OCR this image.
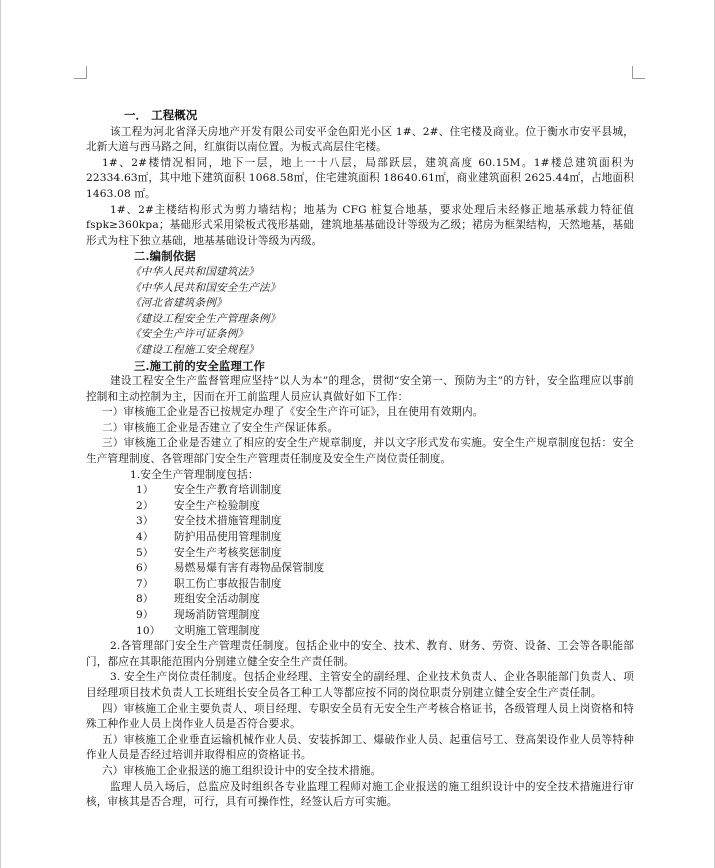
一． 工程概况

该工程为河北省泽天房地产开发有限公司安平金色阳光小区 1#、2#、住宅楼及商业。位于衡水市安平县城，北新大道与西马路之间，红旗街以南位置。为板式高层住宅楼。

1#、2#楼情况相同，地下一层，地上一十八层，局部跃层，建筑高度 60.15M。1#楼总建筑面积为 22334.63㎡，其中地下建筑面积 1068.58㎡，住宅建筑面积 18640.61㎡，商业建筑面积 2625.44㎡，占地面积 1463.08 ㎡。

1#、2#主楼结构形式为剪力墙结构；地基为 CFG 桩复合地基，要求处理后未经修正地基承载力特征值 fspk≥360kpa；基础形式采用梁板式筏形基础，建筑地基基础设计等级为乙级；裙房为框架结构，天然地基，基础形式为柱下独立基础，地基基础设计等级为丙级。

二.编制依据

《中华人民共和国建筑法》

《中华人民共和国安全生产法》

《河北省建筑条例》

《建设工程安全生产管理条例》

《安全生产许可证条例》

《建设工程施工安全规程》

三.施工前的安全监理工作

建设工程安全生产监督管理应坚持“以人为本”的理念，贯彻“安全第一、预防为主”的方针，安全监理应以事前控制和主动控制为主，因而在开工前监理人员应认真做好如下工作：

一）审核施工企业是否已按规定办理了《安全生产许可证》，且在使用有效期内。

二）审核施工企业是否建立了安全生产保证体系。

三）审核施工企业是否建立了相应的安全生产规章制度，并以文字形式发布实施。安全生产规章制度包括：安全生产管理制度、各管理部门安全生产管理责任制度及安全生产岗位责任制度。

1.安全生产管理制度包括：

1）	安全生产教育培训制度
2）	安全生产检验制度
3）	安全技术措施管理制度
4）	防护用品使用管理制度
5）	安全生产考核奖惩制度
6）	易燃易爆有害有毒物品保管制度
7）	职工伤亡事故报告制度
8）	班组安全活动制度
9）	现场消防管理制度
10）	文明施工管理制度

2.各管理部门安全生产管理责任制度。包括企业中的安全、技术、教育、财务、劳资、设备、工会等各职能部门，都应在其职能范围内分别建立健全安全生产责任制。

3. 安全生产岗位责任制度。包括企业经理、主管安全的副经理、企业技术负责人、企业各职能部门负责人、项目经理项目技术负责人工长班组长安全员各工种工人等都应按不同的岗位职责分别建立健全安全生产责任制。

四）审核施工企业主要负责人、项目经理、专职安全员有无安全生产考核合格证书，各级管理人员上岗资格和特殊工种作业人员上岗作业人员是否符合要求。

五）审核施工企业垂直运输机械作业人员、安装拆卸工、爆破作业人员、起重信号工、登高架设作业人员等特种作业人员是否经过培训并取得相应的资格证书。

六）审核施工企业报送的施工组织设计中的安全技术措施。

监理人员入场后，总监应及时组织各专业监理工程师对施工企业报送的施工组织设计中的安全技术措施进行审核，审核其是否合理，可行，具有可操作性，经签认后方可实施。
